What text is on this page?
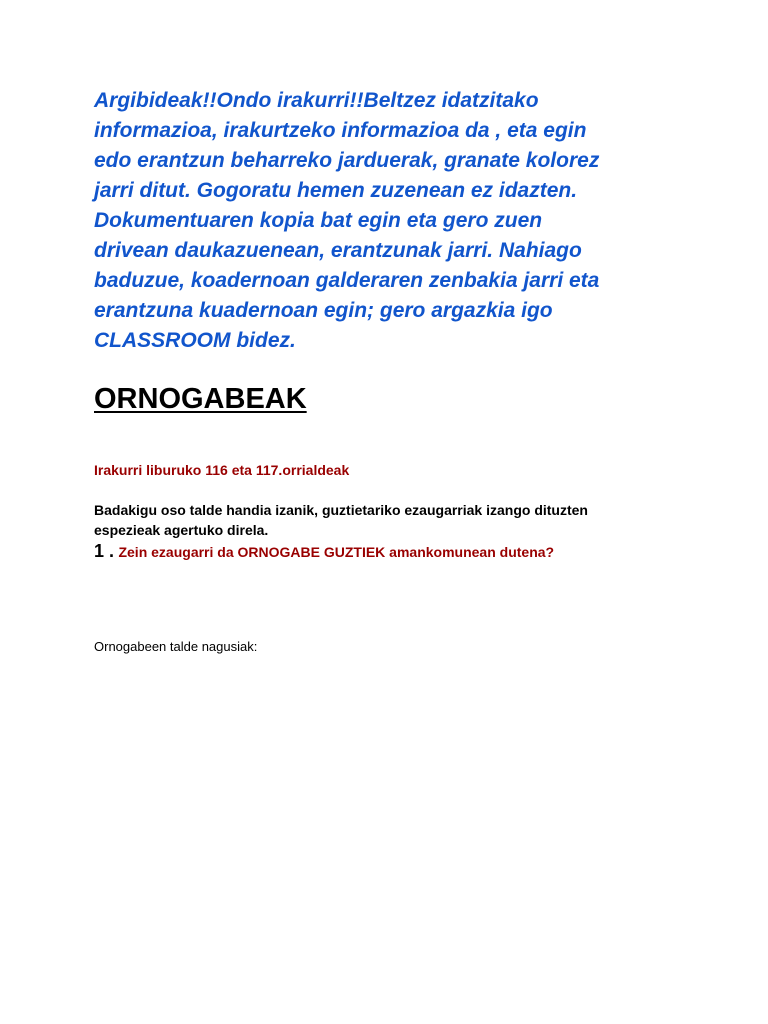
Argibideak!!Ondo irakurri!!Beltzez idatzitako
informazioa, irakurtzeko informazioa da , eta egin
edo erantzun beharreko jarduerak, granate kolorez
jarri ditut. Gogoratu hemen zuzenean ez idazten.
Dokumentuaren kopia bat egin eta gero zuen
drivean daukazuenean, erantzunak jarri. Nahiago
baduzue, koadernoan galderaren zenbakia jarri eta
erantzuna kuadernoan egin; gero argazkia igo
CLASSROOM bidez.

ORNOGABEAK

Irakurri liburuko 116 eta 117.orrialdeak

Badakigu oso talde handia izanik, guztietariko ezaugarriak izango dituzten
espezieak agertuko direla.

1 . Zein ezaugarri da ORNOGABE GUZTIEK amankomunean dutena?

Ornogabeen talde nagusiak:
